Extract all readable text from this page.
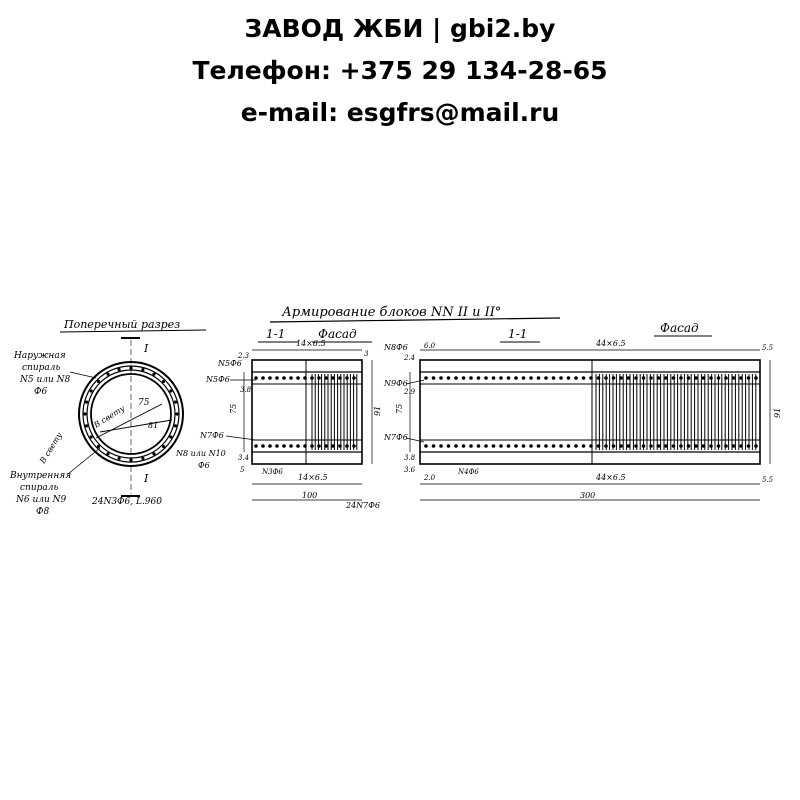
ЗАВОД ЖБИ | gbi2.by
Телефон: +375 29 134-28-65
e-mail: esgfrs@mail.ru
Армирование блоков NN II и II°
Поперечный разрез
I
I
75
81
В свету
В свету
Наружная
спираль
N5 или N8
Ф6
Внутренняя
спираль
N6 или N9
Ф8
24N3Ф6, L.960
1-1	Фасад
14×6.5
14×6.5
100
75	91
2.3
3.8
3.4
5
3
N5Ф6
N5Ф6
N7Ф6
N8 или N10
Ф6
N3Ф6
24N7Ф6
1-1	Фасад
44×6.5
44×6.5
300
75	91
5.5
5.5
6.0
2.4
2.9
3.8
3.6
2.0
N8Ф6
N9Ф6
N7Ф6
N4Ф6
